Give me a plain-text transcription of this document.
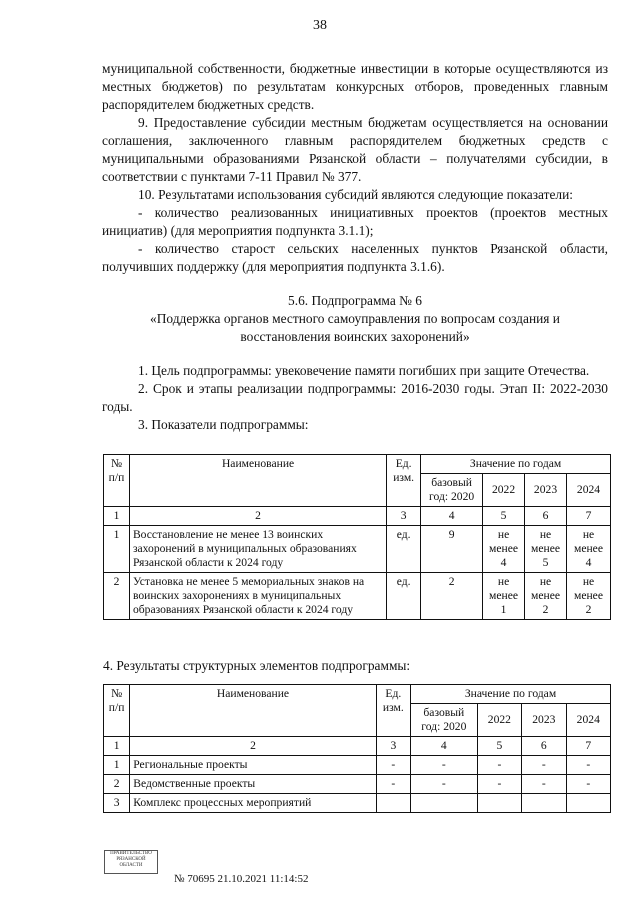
38

муниципальной собственности, бюджетные инвестиции в которые осуществляются из местных бюджетов) по результатам конкурсных отборов, проведенных главным распорядителем бюджетных средств.

9. Предоставление субсидии местным бюджетам осуществляется на основании соглашения, заключенного главным распорядителем бюджетных средств с муниципальными образованиями Рязанской области – получателями субсидии, в соответствии с пунктами 7-11 Правил № 377.

10. Результатами использования субсидий являются следующие показатели:

- количество реализованных инициативных проектов (проектов местных инициатив) (для мероприятия подпункта 3.1.1);

- количество старост сельских населенных пунктов Рязанской области, получивших поддержку (для мероприятия подпункта 3.1.6).

5.6. Подпрограмма № 6

«Поддержка органов местного самоуправления по вопросам создания и восстановления воинских захоронений»

1. Цель подпрограммы: увековечение памяти погибших при защите Отечества.

2. Срок и этапы реализации подпрограммы: 2016-2030 годы. Этап II: 2022-2030 годы.

3. Показатели подпрограммы:

№ п/п	Наименование	Ед. изм.	Значение по годам			
			базовый год: 2020	2022	2023	2024
1	2	3	4	5	6	7
1	Восстановление не менее 13 воинских захоронений в муниципальных образованиях Рязанской области к 2024 году	ед.	9	не менее 4	не менее 5	не менее 4
2	Установка не менее 5 мемориальных знаков на воинских захоронениях в муниципальных образованиях Рязанской области к 2024 году	ед.	2	не менее 1	не менее 2	не менее 2
4. Результаты структурных элементов подпрограммы:
№ п/п	Наименование	Ед. изм.	Значение по годам			
			базовый год: 2020	2022	2023	2024
1	2	3	4	5	6	7
1	Региональные проекты	-	-	-	-	-
2	Ведомственные проекты	-	-	-	-	-
3	Комплекс процессных мероприятий					
ПРАВИТЕЛЬСТВО РЯЗАНСКОЙ ОБЛАСТИ
№ 70695 21.10.2021 11:14:52
